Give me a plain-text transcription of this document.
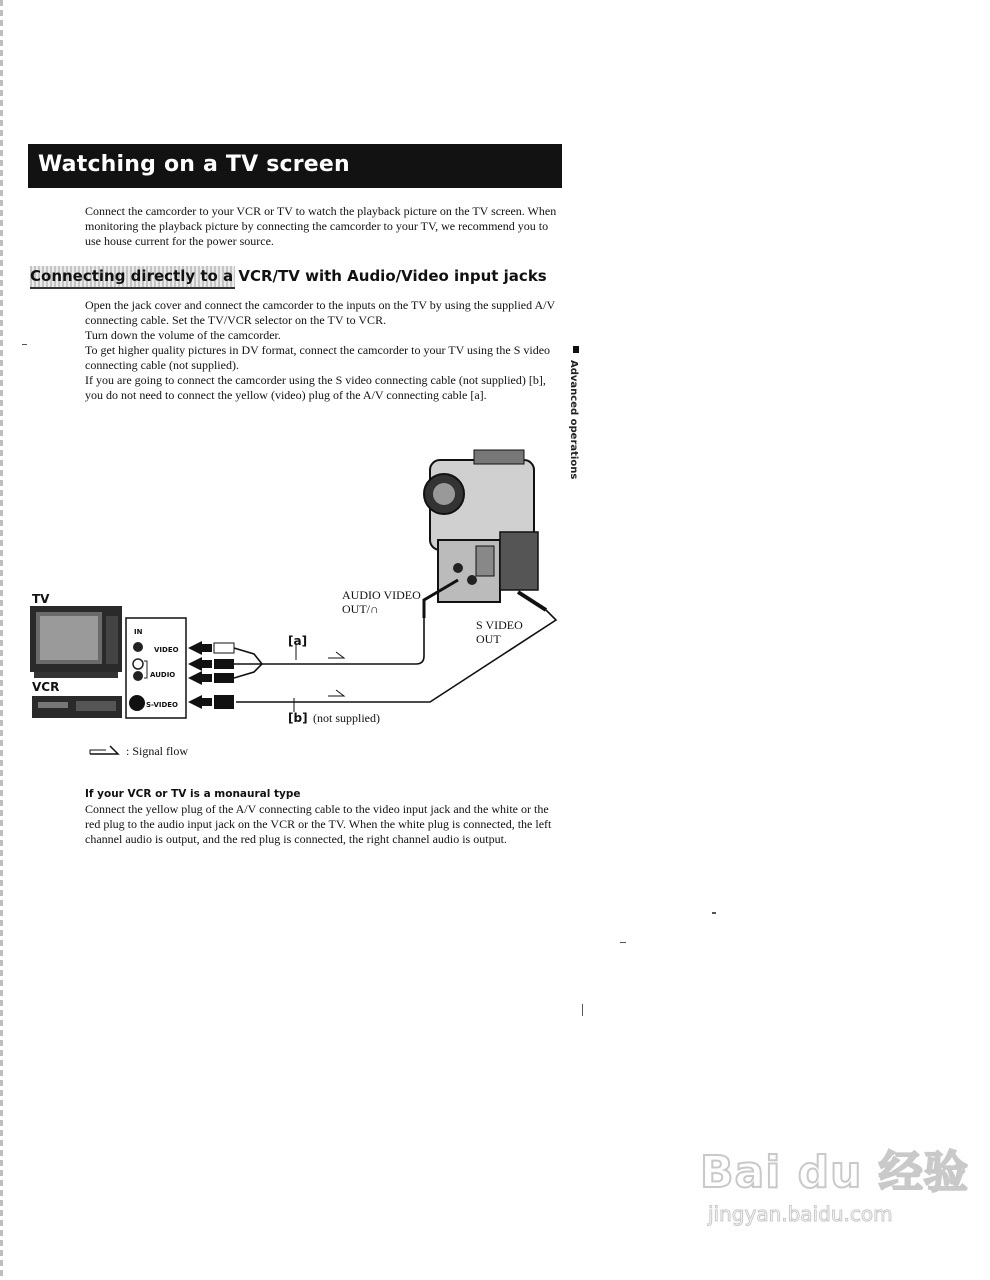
Watching on a TV screen

Connect the camcorder to your VCR or TV to watch the playback picture on the TV screen. When monitoring the playback picture by connecting the camcorder to your TV, we recommend you to use house current for the power source.

Connecting directly to a VCR/TV with Audio/Video input jacks
Open the jack cover and connect the camcorder to the inputs on the TV by using the supplied A/V connecting cable. Set the TV/VCR selector on the TV to VCR.
Turn down the volume of the camcorder.
To get higher quality pictures in DV format, connect the camcorder to your TV using the S video connecting cable (not supplied).
If you are going to connect the camcorder using the S video connecting cable (not supplied) [b], you do not need to connect the yellow (video) plug of the A/V connecting cable [a].	Advanced operations
TV
VCR
IN
VIDEO
AUDIO
S-VIDEO
AUDIO VIDEO
OUT/∩
S VIDEO
OUT
[a]
[b] (not supplied)
: Signal flow
If your VCR or TV is a monaural type

Connect the yellow plug of the A/V connecting cable to the video input jack and the white or the red plug to the audio input jack on the VCR or the TV. When the white plug is connected, the left channel audio is output, and the red plug is connected, the right channel audio is output.

Bai du 经验
jingyan.baidu.com
